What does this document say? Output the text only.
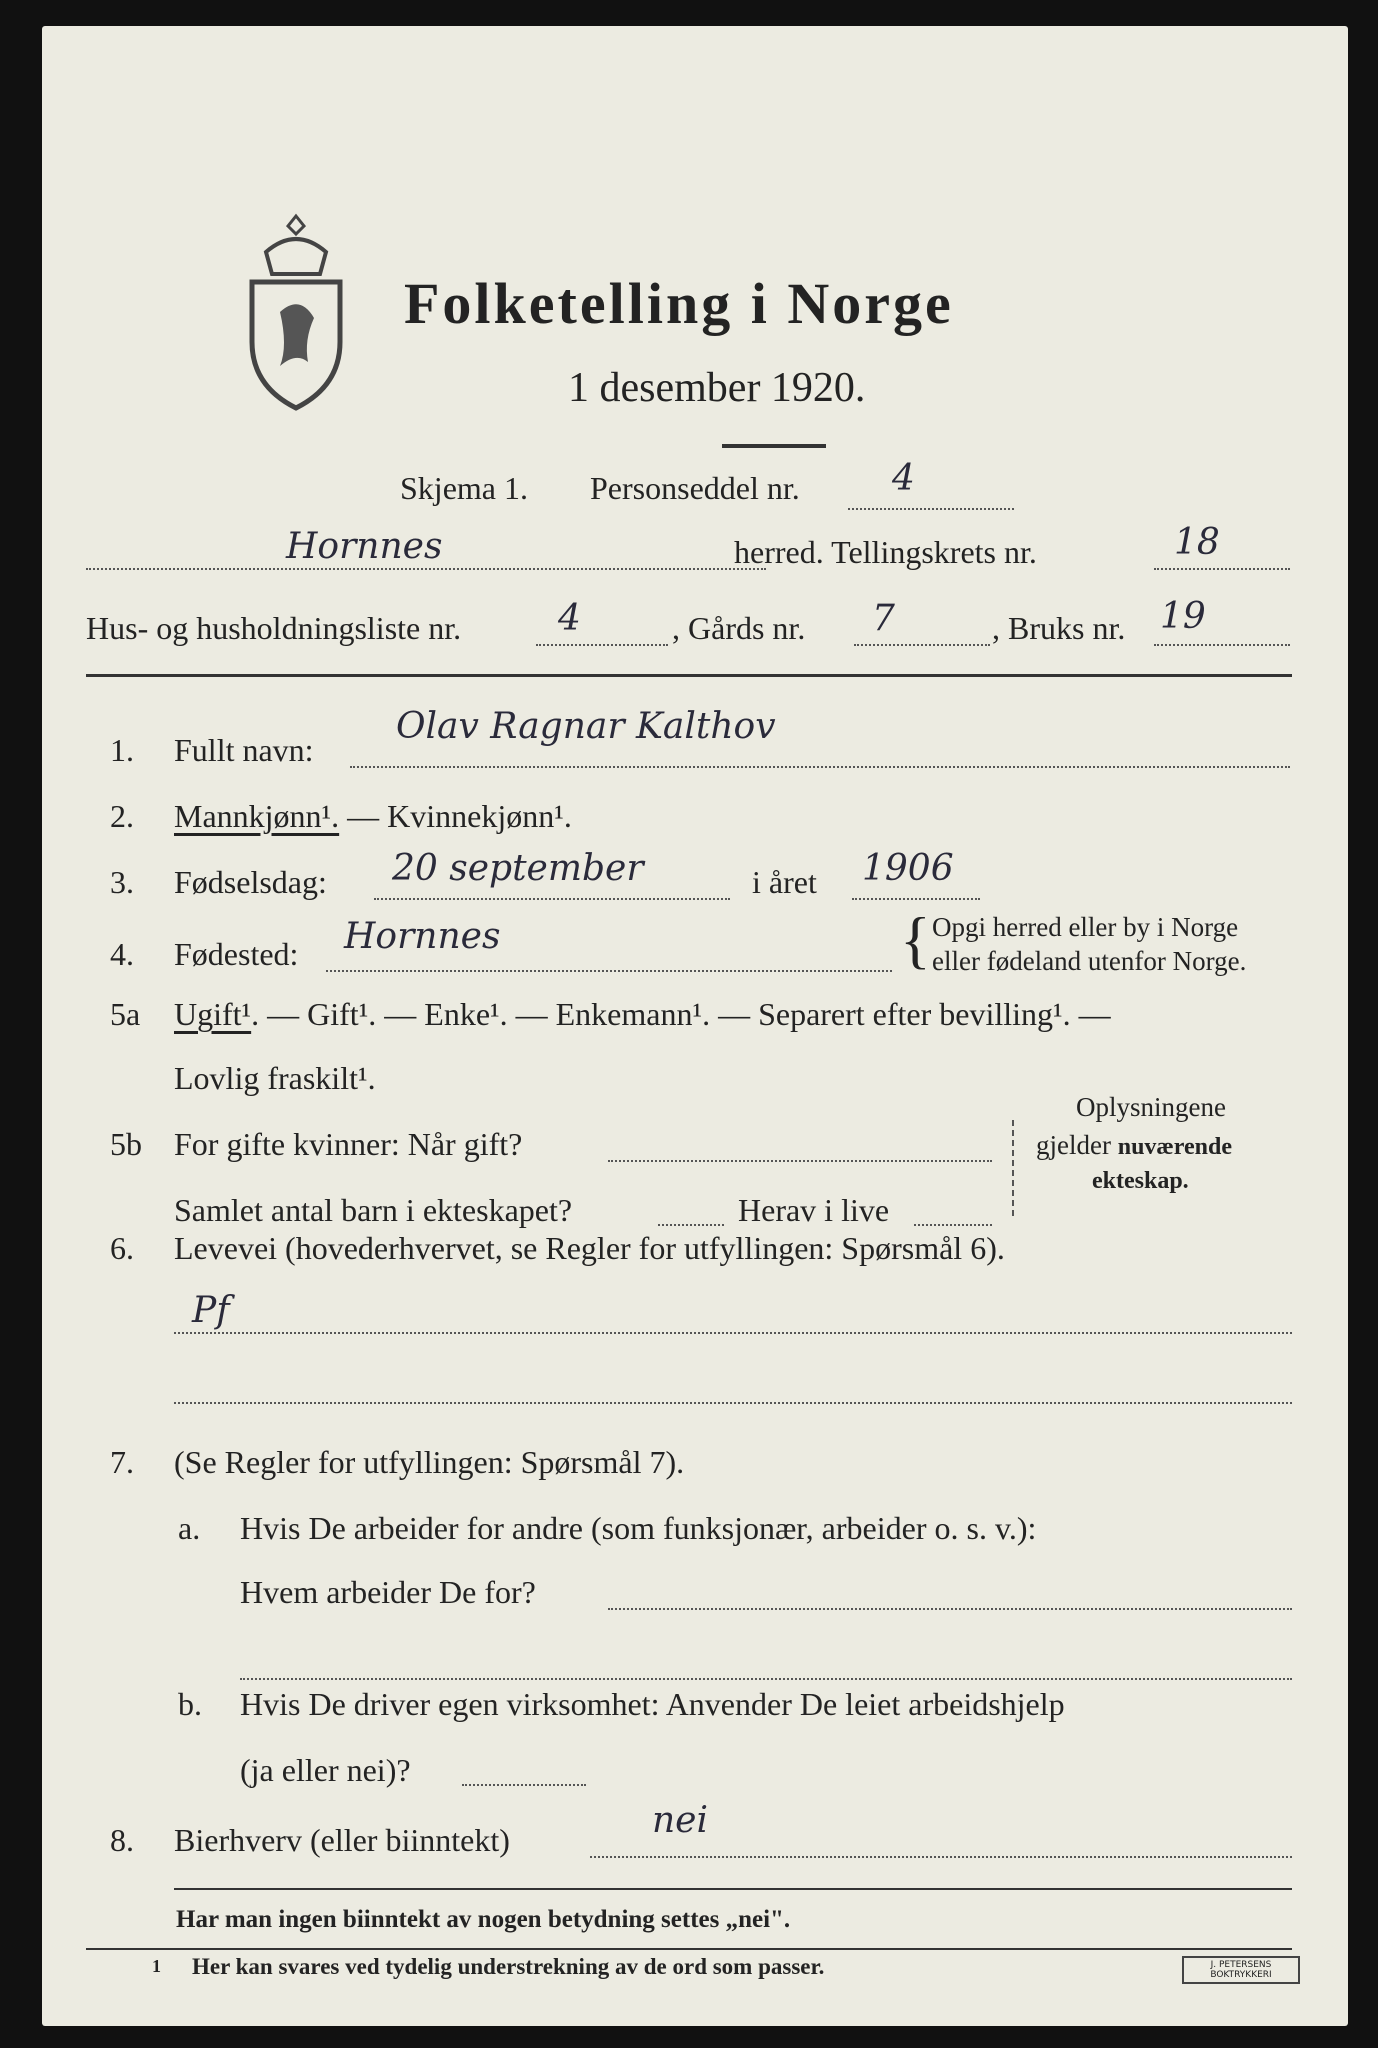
Folketelling i Norge
1 desember 1920.
Skjema 1. Personseddel nr.	4
Hornnes	herred. Tellingskrets nr.	18
Hus- og husholdningsliste nr.	4	, Gårds nr. 7	, Bruks nr. 19
1. Fullt navn:
Olav Ragnar Kalthov
2. Mannkjønn¹. — Kvinnekjønn¹.
3. Fødselsdag: 20 september	i året 1906
4. Fødested: Hornnes	{ Opgi herred eller by i Norge
eller fødeland utenfor Norge.
5a Ugift¹. — Gift¹. — Enke¹. — Enkemann¹. — Separert efter bevilling¹. —
Lovlig fraskilt¹.
5b For gifte kvinner: Når gift?
Samlet antal barn i ekteskapet?	Herav i live
Oplysningene
gjelder nuværende
ekteskap.
6. Levevei (hovederhvervet, se Regler for utfyllingen: Spørsmål 6).
Pf
7. (Se Regler for utfyllingen: Spørsmål 7).
a. Hvis De arbeider for andre (som funksjonær, arbeider o. s. v.):
Hvem arbeider De for?
b. Hvis De driver egen virksomhet: Anvender De leiet arbeidshjelp
(ja eller nei)?
8. Bierhverv (eller biinntekt)	nei
Har man ingen biinntekt av nogen betydning settes „nei".
1 Her kan svares ved tydelig understrekning av de ord som passer.	J. PETERSENS BOKTRYKKERI
